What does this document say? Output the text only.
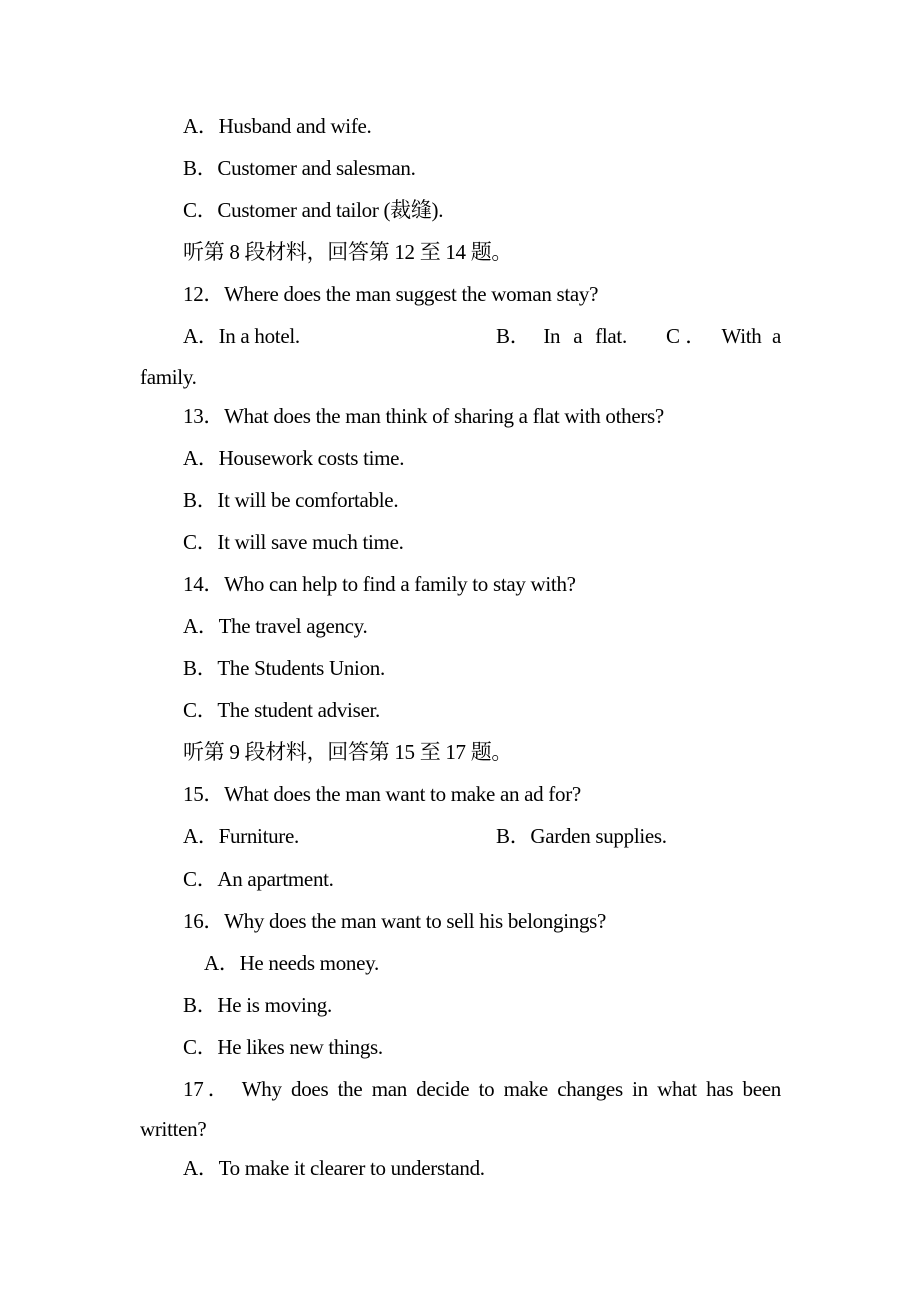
A．Husband and wife.
B．Customer and salesman.
C．Customer and tailor (裁缝).
听第 8 段材料，回答第 12 至 14 题。
12．Where does the man suggest the woman stay?
A．In a hotel.	B． In a flat. C． With a
family.
13．What does the man think of sharing a flat with others?
A．Housework costs time.
B．It will be comfortable.
C．It will save much time.
14．Who can help to find a family to stay with?
A．The travel agency.
B．The Students Union.
C．The student adviser.
听第 9 段材料，回答第 15 至 17 题。
15．What does the man want to make an ad for?
A．Furniture.	B．Garden supplies.
C．An apartment.
16．Why does the man want to sell his belongings?
A．He needs money.
B．He is moving.
C．He likes new things.
17． Why does the man decide to make changes in what has been
written?
A．To make it clearer to understand.
